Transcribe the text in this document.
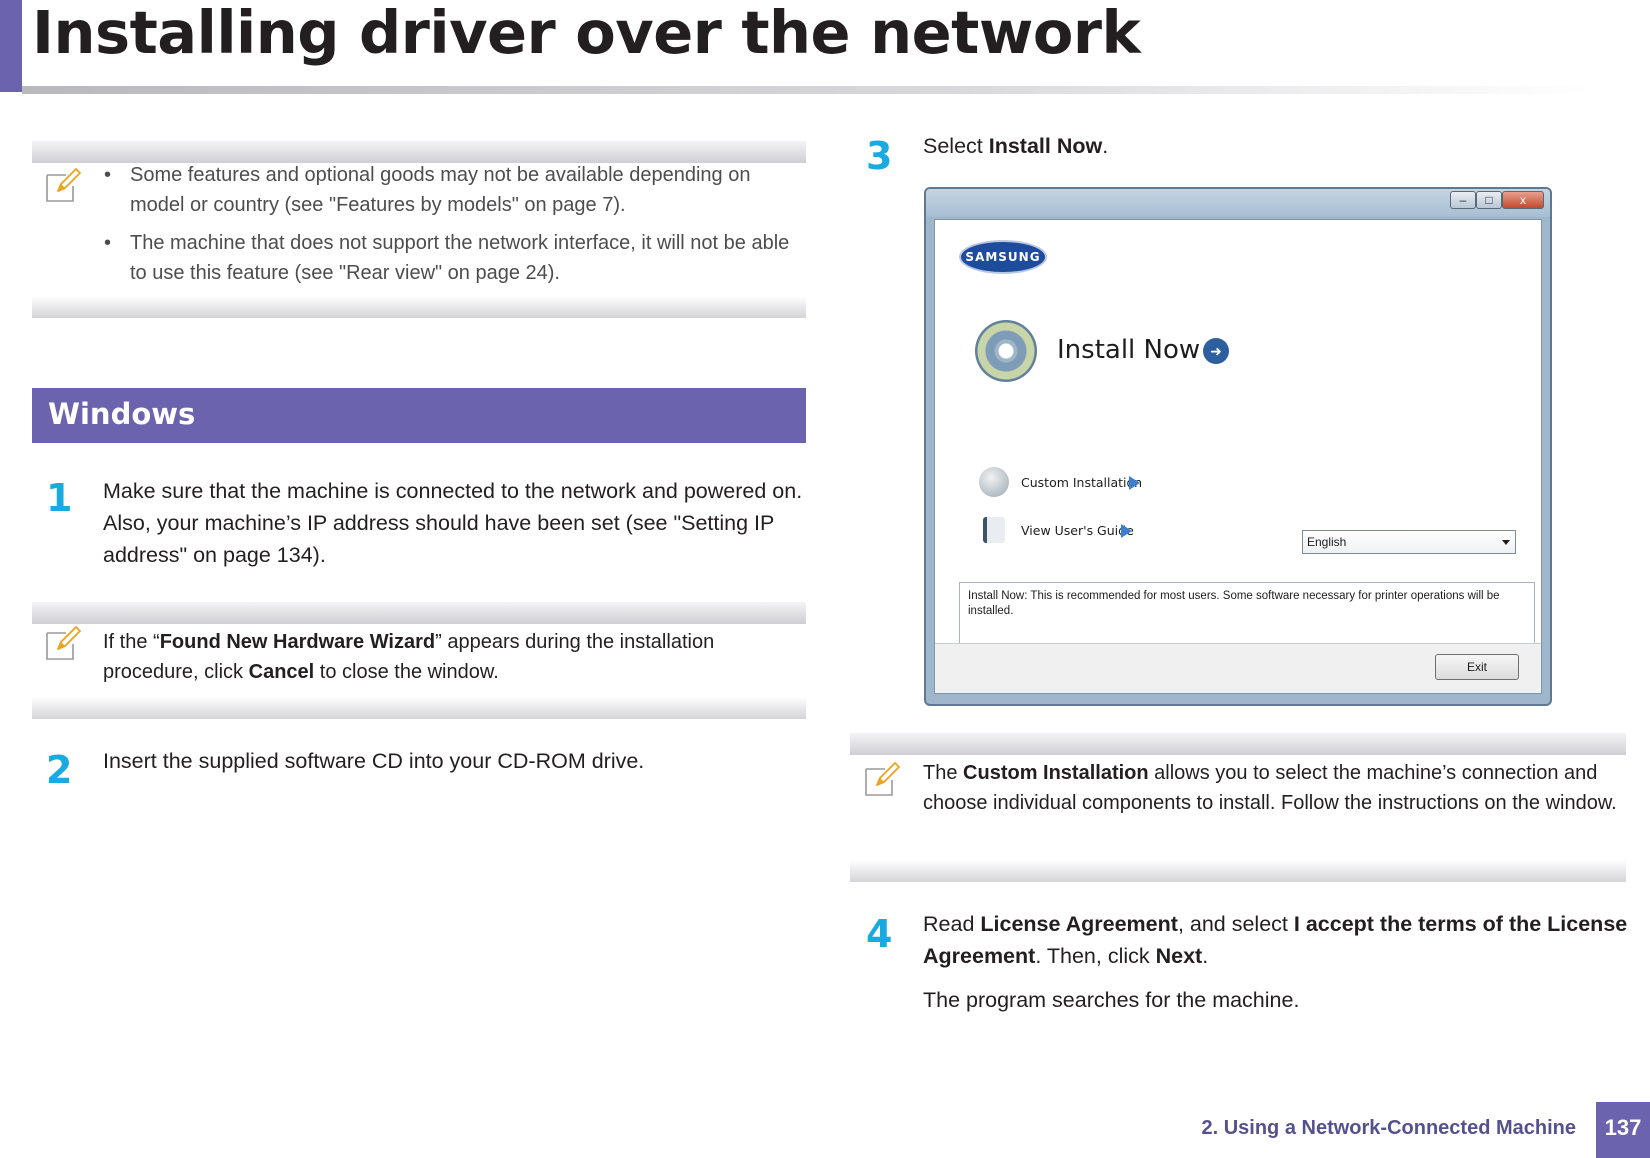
Installing driver over the network
• Some features and optional goods may not be available depending on model or country (see "Features by models" on page 7).
• The machine that does not support the network interface, it will not be able to use this feature (see "Rear view" on page 24).
Windows
1 Make sure that the machine is connected to the network and powered on. Also, your machine’s IP address should have been set (see "Setting IP address" on page 134).

If the “Found New Hardware Wizard” appears during the installation procedure, click Cancel to close the window.

2 Insert the supplied software CD into your CD-ROM drive.

3 Select Install Now.

–	□	x
SAMSUNG
Install Now ➜
Custom Installation
View User's Guide
English
Install Now: This is recommended for most users. Some software necessary for printer operations will be installed.
Exit

The Custom Installation allows you to select the machine’s connection and choose individual components to install. Follow the instructions on the window.

4 Read License Agreement, and select I accept the terms of the License Agreement. Then, click Next.

The program searches for the machine.

2. Using a Network-Connected Machine	137
